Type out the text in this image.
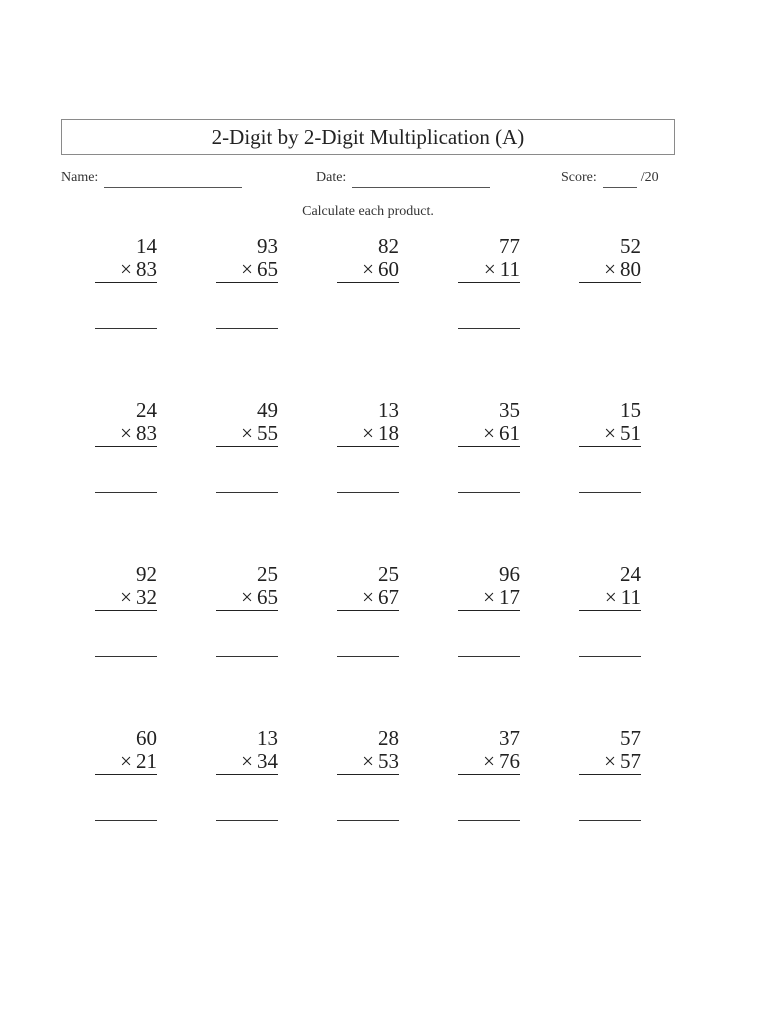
2-Digit by 2-Digit Multiplication (A)
Name:	Date:	Score:	/20
Calculate each product.
14
× 83
93
× 65
82
× 60
77
× 11
52
× 80
24
× 83
49
× 55
13
× 18
35
× 61
15
× 51
92
× 32
25
× 65
25
× 67
96
× 17
24
× 11
60
× 21
13
× 34
28
× 53
37
× 76
57
× 57
